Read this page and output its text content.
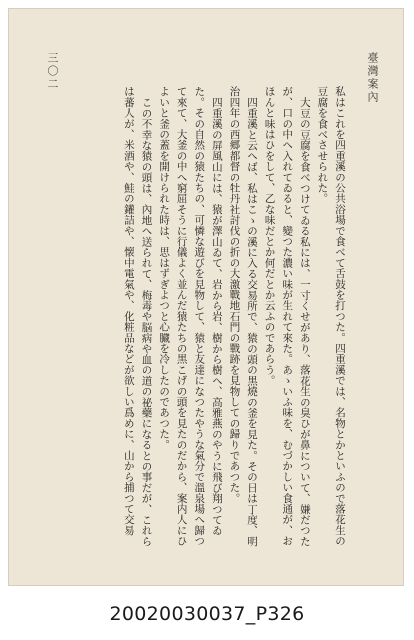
臺灣案內
三〇二

私はこれを四重溪の公共浴場で食べて舌鼓を打つた。四重溪では、名物とかといふので落花生の豆腐を食べさせられた。

大豆の豆腐を食べつけてゐる私には、一寸くせがあり、落花生の臭ひが鼻について、嫌だつたが、口の中へ入れてゐると、變つた濃い味が生れて來た。あゝいふ味を、むづかしい食通が、おほんと味はひをして、乙な味だとか何だとか云ふのであらう。

四重溪と云へば、私はこゝの溪に入る交易所で、猿の頭の黒燒の釜を見た。その日は丁度、明治四年の西郷都督の牡丹社討伐の折の大激戰地石門の戰跡を見物しての歸りであつた。

四重溪の屏風山には、猿が澤山ゐて、岩から岩、樹から樹へ、高雅燕のやうに飛び翔つてゐた。その自然の猿たちの、可憐な遊びを見物して、猿と友達になつたやうな氣分で溫泉場へ歸つて來て、大釜の中へ窮屈そうに行儀よく並んだ猿たちの黒こげの頭を見たのだから、案内人にひよいと釜の蓋を開けられた時は、思はずぎよつと心臓を冷したのであつた。

この不幸な猿の頭は、內地へ送られて、梅毒や脳病や血の道の祕藥になるとの事だが、これらは蕃人が、米酒や、鮭の鑵詰や、懐中電氣や、化粧品などが欲しい爲めに、山から捕つて交易

20020030037_P326
